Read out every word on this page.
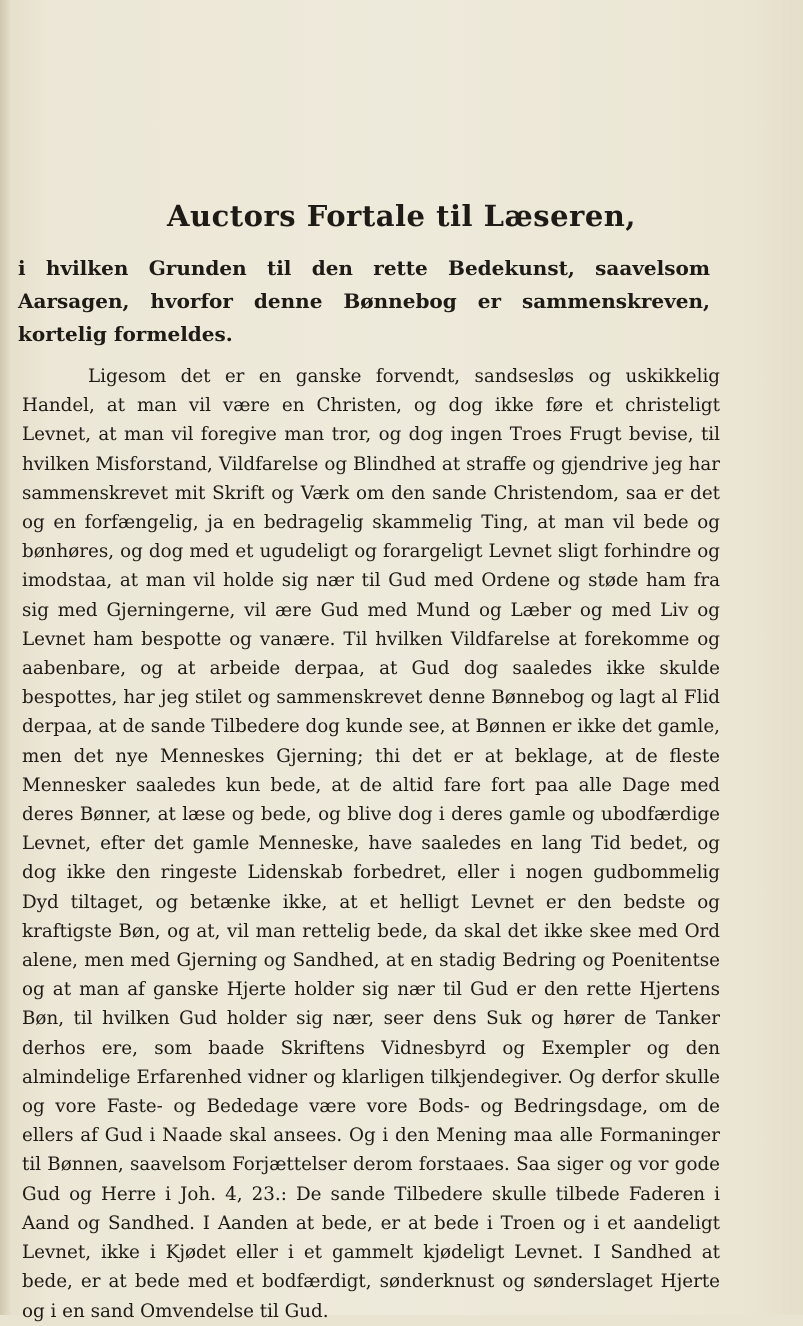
Auctors Fortale til Læseren,
i hvilken Grunden til den rette Bedekunst, saavelsom Aarsagen, hvorfor denne Bønnebog er sammenskreven, kortelig formeldes.

Ligesom det er en ganske forvendt, sandsesløs og uskikkelig Handel, at man vil være en Christen, og dog ikke føre et christeligt Levnet, at man vil foregive man tror, og dog ingen Troes Frugt bevise, til hvilken Misforstand, Vildfarelse og Blindhed at straffe og gjendrive jeg har sammenskrevet mit Skrift og Værk om den sande Christendom, saa er det og en forfængelig, ja en bedragelig skammelig Ting, at man vil bede og bønhøres, og dog med et ugudeligt og forargeligt Levnet sligt forhindre og imodstaa, at man vil holde sig nær til Gud med Ordene og støde ham fra sig med Gjerningerne, vil ære Gud med Mund og Læber og med Liv og Levnet ham bespotte og vanære. Til hvilken Vildfarelse at forekomme og aabenbare, og at arbeide derpaa, at Gud dog saaledes ikke skulde bespottes, har jeg stilet og sammenskrevet denne Bønnebog og lagt al Flid derpaa, at de sande Tilbedere dog kunde see, at Bønnen er ikke det gamle, men det nye Menneskes Gjerning; thi det er at beklage, at de fleste Mennesker saaledes kun bede, at de altid fare fort paa alle Dage med deres Bønner, at læse og bede, og blive dog i deres gamle og ubodfærdige Levnet, efter det gamle Menneske, have saaledes en lang Tid bedet, og dog ikke den ringeste Lidenskab forbedret, eller i nogen gudbommelig Dyd tiltaget, og betænke ikke, at et helligt Levnet er den bedste og kraftigste Bøn, og at, vil man rettelig bede, da skal det ikke skee med Ord alene, men med Gjerning og Sandhed, at en stadig Bedring og Poenitentse og at man af ganske Hjerte holder sig nær til Gud er den rette Hjertens Bøn, til hvilken Gud holder sig nær, seer dens Suk og hører de Tanker derhos ere, som baade Skriftens Vidnesbyrd og Exempler og den almindelige Erfarenhed vidner og klarligen tilkjendegiver. Og derfor skulle og vore Faste- og Bededage være vore Bods- og Bedringsdage, om de ellers af Gud i Naade skal ansees. Og i den Mening maa alle Formaninger til Bønnen, saavelsom Forjættelser derom forstaaes. Saa siger og vor gode Gud og Herre i Joh. 4, 23.: De sande Tilbedere skulle tilbede Faderen i Aand og Sandhed. I Aanden at bede, er at bede i Troen og i et aandeligt Levnet, ikke i Kjødet eller i et gammelt kjødeligt Levnet. I Sandhed at bede, er at bede med et bodfærdigt, sønderknust og sønderslaget Hjerte og i en sand Omvendelse til Gud.
